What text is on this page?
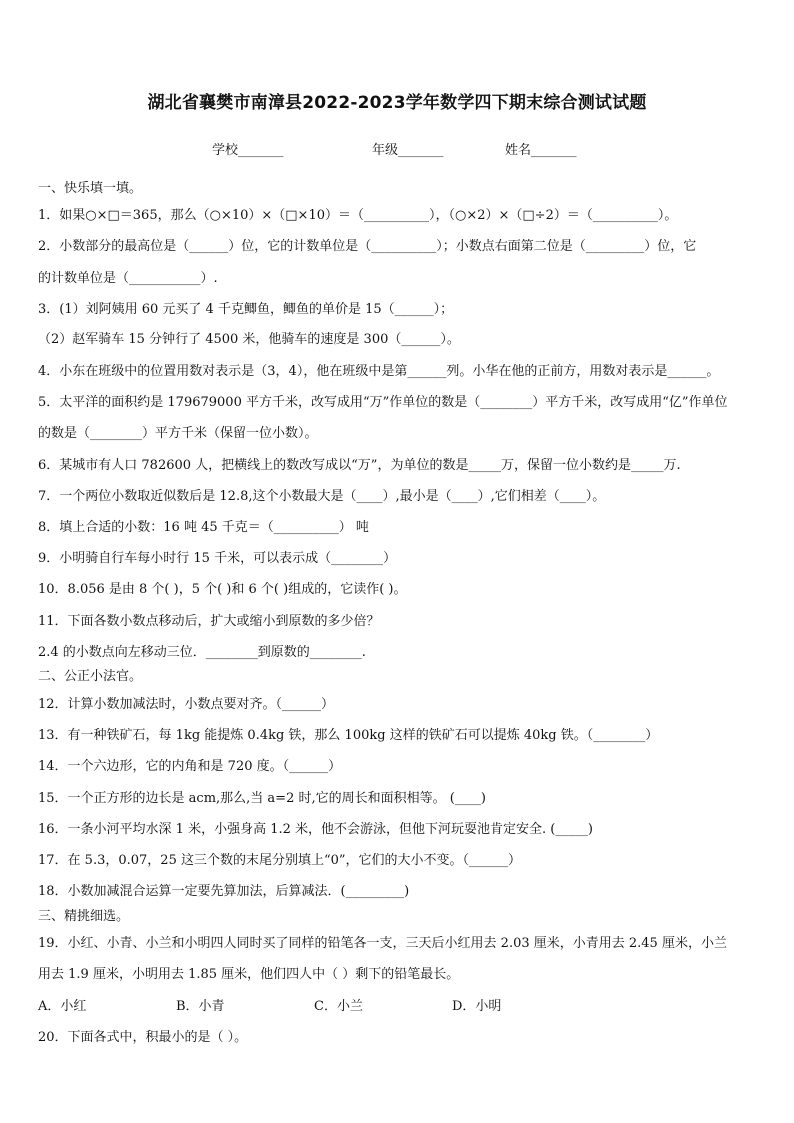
湖北省襄樊市南漳县2022-2023学年数学四下期末综合测试试题
学校_______	年级_______	姓名_______
一、快乐填一填。
1．如果○×□＝365，那么（○×10）×（□×10）＝（__________），（○×2）×（□÷2）＝（__________）。
2．小数部分的最高位是（______）位，它的计数单位是（__________）；小数点右面第二位是（_________）位，它
的计数单位是（___________）.
3．(1）刘阿姨用 60 元买了 4 千克鲫鱼，鲫鱼的单价是 15（______）；
（2）赵军骑车 15 分钟行了 4500 米，他骑车的速度是 300（______）。
4．小东在班级中的位置用数对表示是（3，4），他在班级中是第______列。小华在他的正前方，用数对表示是______。
5．太平洋的面积约是 179679000 平方千米，改写成用“万”作单位的数是（________）平方千米，改写成用“亿”作单位
的数是（________）平方千米（保留一位小数）。
6．某城市有人口 782600 人，把横线上的数改写成以“万”，为单位的数是_____万，保留一位小数约是_____万.
7．一个两位小数取近似数后是 12.8,这个小数最大是（____）,最小是（____）,它们相差（____）。
8．填上合适的小数：16 吨 45 千克＝（__________） 吨
9．小明骑自行车每小时行 15 千米，可以表示成（________）
10．8.056 是由 8 个( )，5 个( )和 6 个( )组成的，它读作( )。
11．下面各数小数点移动后，扩大或缩小到原数的多少倍？
2.4 的小数点向左移动三位．________到原数的________.
二、公正小法官。
12．计算小数加减法时，小数点要对齐。（______）
13．有一种铁矿石，每 1kg 能提炼 0.4kg 铁，那么 100kg 这样的铁矿石可以提炼 40kg 铁。（________）
14．一个六边形，它的内角和是 720 度。（______）
15．一个正方形的边长是 acm,那么,当 a=2 时,它的周长和面积相等。 (____)
16．一条小河平均水深 1 米，小强身高 1.2 米，他不会游泳，但他下河玩耍池肯定安全. (_____)
17．在 5.3，0.07，25 这三个数的末尾分别填上“0”，它们的大小不变。（______）
18．小数加减混合运算一定要先算加法，后算减法．(_________)
三、精挑细选。
19．小红、小青、小兰和小明四人同时买了同样的铅笔各一支，三天后小红用去 2.03 厘米，小青用去 2.45 厘米，小兰
用去 1.9 厘米，小明用去 1.85 厘米，他们四人中（ ）剩下的铅笔最长。
A．小红	B．小青	C．小兰	D．小明
20．下面各式中，积最小的是（ ）。
